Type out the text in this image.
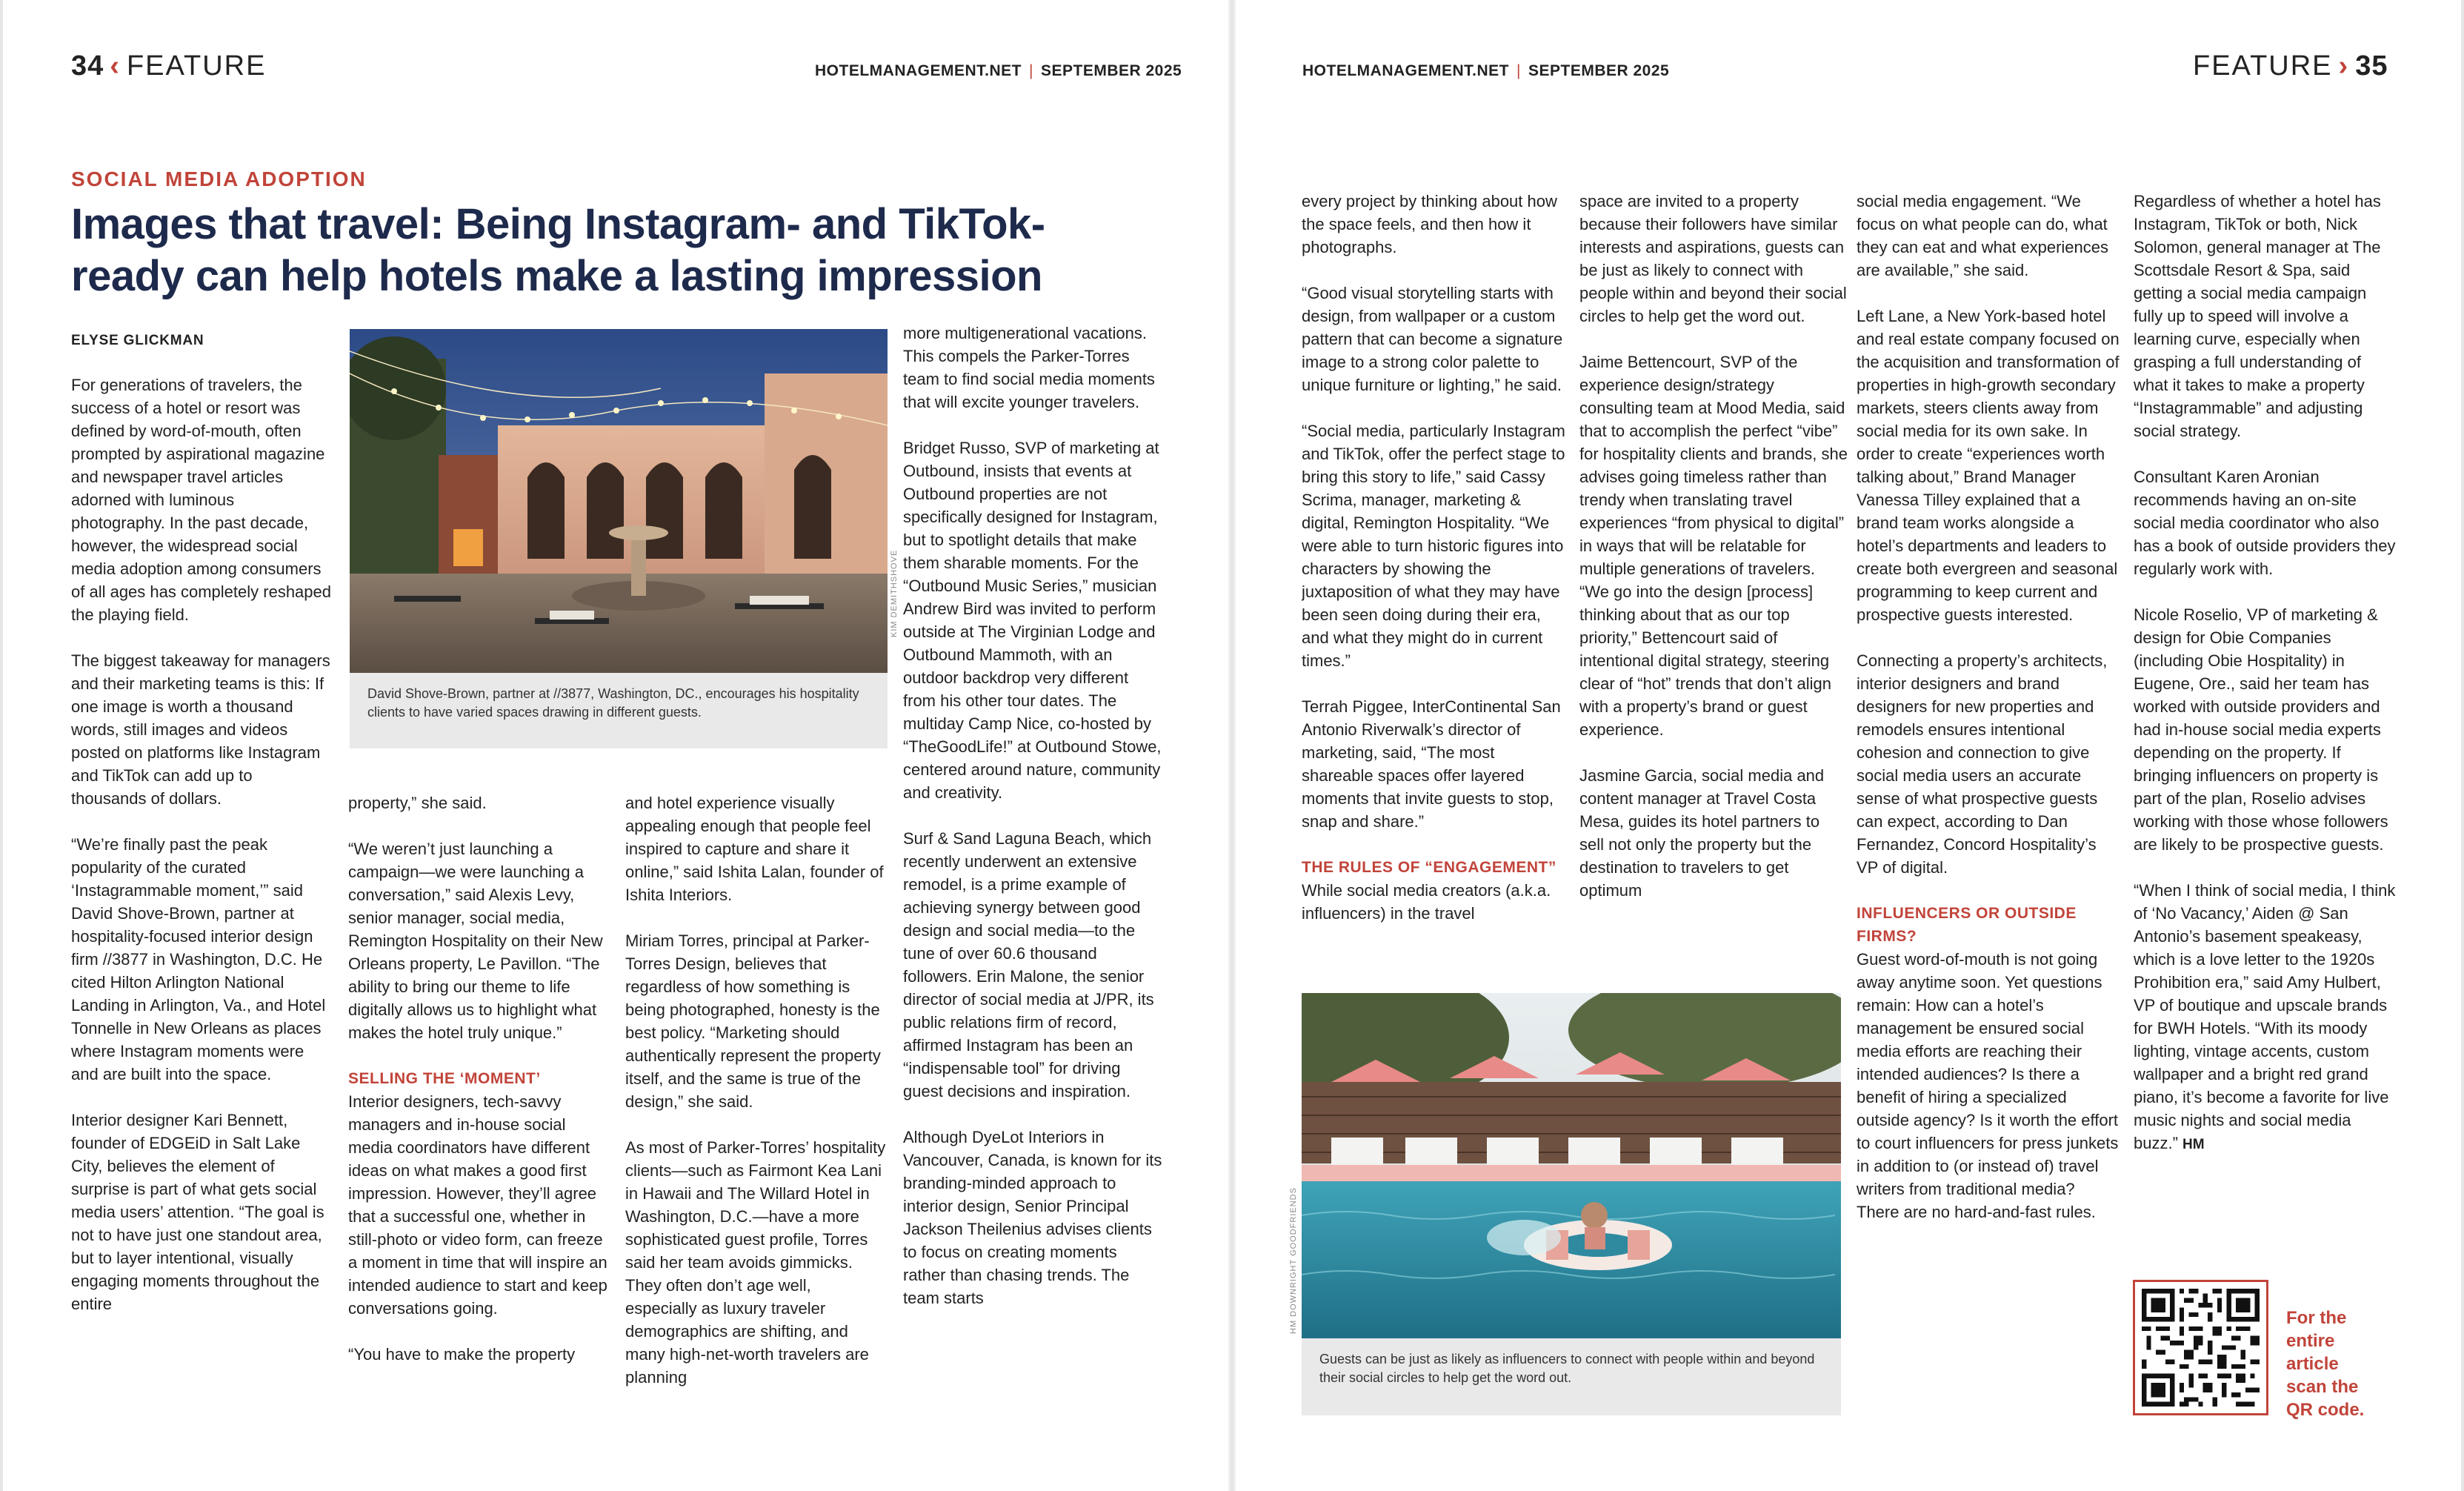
34 ‹ FEATURE	HOTELMANAGEMENT.NET | SEPTEMBER 2025	HOTELMANAGEMENT.NET | SEPTEMBER 2025	FEATURE › 35
SOCIAL MEDIA ADOPTION
Images that travel: Being Instagram- and TikTok-ready can help hotels make a lasting impression
ELYSE GLICKMAN

For generations of travelers, the success of a hotel or resort was defined by word-of-mouth, often prompted by aspirational magazine and newspaper travel articles adorned with luminous photography. In the past decade, however, the widespread social media adoption among consumers of all ages has completely reshaped the playing field.

The biggest takeaway for managers and their marketing teams is this: If one image is worth a thousand words, still images and videos posted on platforms like Instagram and TikTok can add up to thousands of dollars.

“We’re finally past the peak popularity of the curated ‘Instagrammable moment,’” said David Shove-Brown, partner at hospitality-focused interior design firm //3877 in Washington, D.C. He cited Hilton Arlington National Landing in Arlington, Va., and Hotel Tonnelle in New Orleans as places where Instagram moments were and are built into the space.

Interior designer Kari Bennett, founder of EDGEiD in Salt Lake City, believes the element of surprise is part of what gets social media users’ attention. “The goal is not to have just one standout area, but to layer intentional, visually engaging moments throughout the entire

KIM DEMITHSHOVE
David Shove-Brown, partner at //3877, Washington, DC., encourages his hospitality clients to have varied spaces drawing in different guests.

property,” she said.

“We weren’t just launching a campaign—we were launching a conversation,” said Alexis Levy, senior manager, social media, Remington Hospitality on their New Orleans property, Le Pavillon. “The ability to bring our theme to life digitally allows us to highlight what makes the hotel truly unique.”

SELLING THE ‘MOMENT’

Interior designers, tech-savvy managers and in-house social media coordinators have different ideas on what makes a good first impression. However, they’ll agree that a successful one, whether in still-photo or video form, can freeze a moment in time that will inspire an intended audience to start and keep conversations going.

“You have to make the property

and hotel experience visually appealing enough that people feel inspired to capture and share it online,” said Ishita Lalan, founder of Ishita Interiors.

Miriam Torres, principal at Parker-Torres Design, believes that regardless of how something is being photographed, honesty is the best policy. “Marketing should authentically represent the property itself, and the same is true of the design,” she said.

As most of Parker-Torres’ hospitality clients—such as Fairmont Kea Lani in Hawaii and The Willard Hotel in Washington, D.C.—have a more sophisticated guest profile, Torres said her team avoids gimmicks. They often don’t age well, especially as luxury traveler demographics are shifting, and many high-net-worth travelers are planning

more multigenerational vacations. This compels the Parker-Torres team to find social media moments that will excite younger travelers.

Bridget Russo, SVP of marketing at Outbound, insists that events at Outbound properties are not specifically designed for Instagram, but to spotlight details that make them sharable moments. For the “Outbound Music Series,” musician Andrew Bird was invited to perform outside at The Virginian Lodge and Outbound Mammoth, with an outdoor backdrop very different from his other tour dates. The multiday Camp Nice, co-hosted by “TheGoodLife!” at Outbound Stowe, centered around nature, community and creativity.

Surf & Sand Laguna Beach, which recently underwent an extensive remodel, is a prime example of achieving synergy between good design and social media—to the tune of over 60.6 thousand followers. Erin Malone, the senior director of social media at J/PR, its public relations firm of record, affirmed Instagram has been an “indispensable tool” for driving guest decisions and inspiration.

Although DyeLot Interiors in Vancouver, Canada, is known for its branding-minded approach to interior design, Senior Principal Jackson Theilenius advises clients to focus on creating moments rather than chasing trends. The team starts

every project by thinking about how the space feels, and then how it photographs.

“Good visual storytelling starts with design, from wallpaper or a custom pattern that can become a signature image to a strong color palette to unique furniture or lighting,” he said.

“Social media, particularly Instagram and TikTok, offer the perfect stage to bring this story to life,” said Cassy Scrima, manager, marketing & digital, Remington Hospitality. “We were able to turn historic figures into characters by showing the juxtaposition of what they may have been seen doing during their era, and what they might do in current times.”

Terrah Piggee, InterContinental San Antonio Riverwalk’s director of marketing, said, “The most shareable spaces offer layered moments that invite guests to stop, snap and share.”

THE RULES OF “ENGAGEMENT”

While social media creators (a.k.a. influencers) in the travel

space are invited to a property because their followers have similar interests and aspirations, guests can be just as likely to connect with people within and beyond their social circles to help get the word out.

Jaime Bettencourt, SVP of the experience design/strategy consulting team at Mood Media, said that to accomplish the perfect “vibe” for hospitality clients and brands, she advises going timeless rather than trendy when translating travel experiences “from physical to digital” in ways that will be relatable for multiple generations of travelers. “We go into the design [process] thinking about that as our top priority,” Bettencourt said of intentional digital strategy, steering clear of “hot” trends that don’t align with a property’s brand or guest experience.

Jasmine Garcia, social media and content manager at Travel Costa Mesa, guides its hotel partners to sell not only the property but the destination to travelers to get optimum

HM DOWNRIGHT GOODFRIENDS
Guests can be just as likely as influencers to connect with people within and beyond their social circles to help get the word out.

social media engagement. “We focus on what people can do, what they can eat and what experiences are available,” she said.

Left Lane, a New York-based hotel and real estate company focused on the acquisition and transformation of properties in high-growth secondary markets, steers clients away from social media for its own sake. In order to create “experiences worth talking about,” Brand Manager Vanessa Tilley explained that a brand team works alongside a hotel’s departments and leaders to create both evergreen and seasonal programming to keep current and prospective guests interested.

Connecting a property’s architects, interior designers and brand designers for new properties and remodels ensures intentional cohesion and connection to give social media users an accurate sense of what prospective guests can expect, according to Dan Fernandez, Concord Hospitality’s VP of digital.

INFLUENCERS OR OUTSIDE FIRMS?

Guest word-of-mouth is not going away anytime soon. Yet questions remain: How can a hotel’s management be ensured social media efforts are reaching their intended audiences? Is there a benefit of hiring a specialized outside agency? Is it worth the effort to court influencers for press junkets in addition to (or instead of) travel writers from traditional media? There are no hard-and-fast rules.

Regardless of whether a hotel has Instagram, TikTok or both, Nick Solomon, general manager at The Scottsdale Resort & Spa, said getting a social media campaign fully up to speed will involve a learning curve, especially when grasping a full understanding of what it takes to make a property “Instagrammable” and adjusting social strategy.

Consultant Karen Aronian recommends having an on-site social media coordinator who also has a book of outside providers they regularly work with.

Nicole Roselio, VP of marketing & design for Obie Companies (including Obie Hospitality) in Eugene, Ore., said her team has worked with outside providers and had in-house social media experts depending on the property. If bringing influencers on property is part of the plan, Roselio advises working with those whose followers are likely to be prospective guests.

“When I think of social media, I think of ‘No Vacancy,’ Aiden @ San Antonio’s basement speakeasy, which is a love letter to the 1920s Prohibition era,” said Amy Hulbert, VP of boutique and upscale brands for BWH Hotels. “With its moody lighting, vintage accents, custom wallpaper and a bright red grand piano, it’s become a favorite for live music nights and social media buzz.” HM

For the entire article scan the QR code.
